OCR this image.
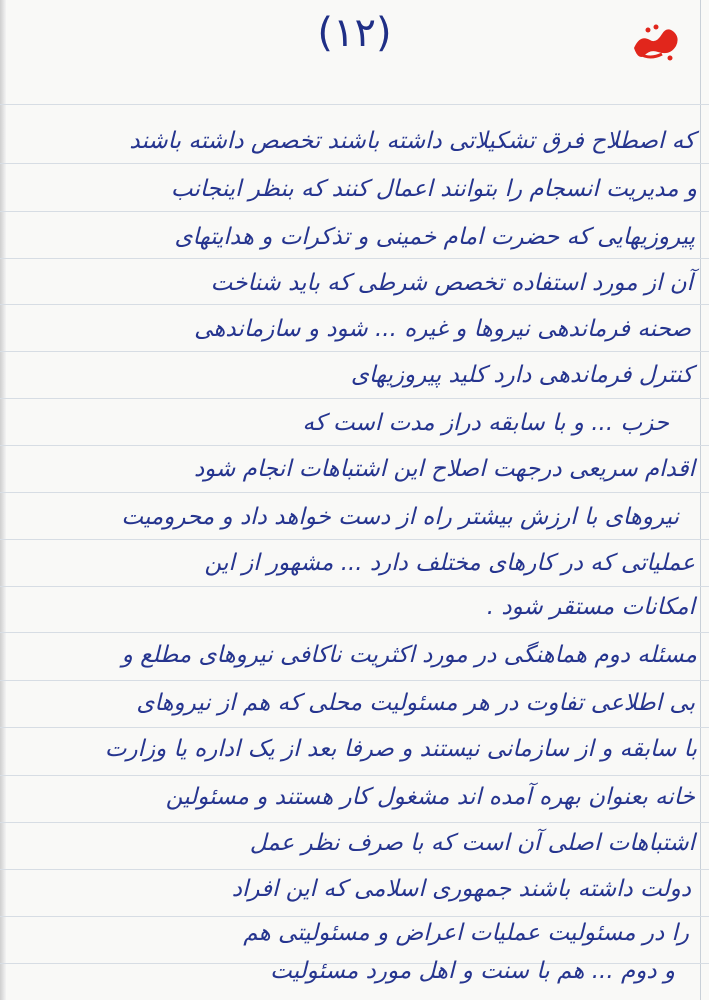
(۱۲)
که اصطلاح فرق تشکیلاتی داشته باشند تخصص داشته باشند
و مدیریت انسجام را بتوانند اعمال کنند که بنظر اینجانب
پیروزیهایی که حضرت امام خمینی و تذکرات و هدایتهای
آن از مورد استفاده تخصص شرطی که باید شناخت
صحنه فرماندهی نیروها و غیره ... شود و سازماندهی
کنترل فرماندهی دارد کلید پیروزیهای
حزب ... و با سابقه دراز مدت است که
اقدام سریعی درجهت اصلاح این اشتباهات انجام شود
نیروهای با ارزش بیشتر راه از دست خواهد داد و محرومیت
عملیاتی که در کارهای مختلف دارد ... مشهور از این
امکانات مستقر شود .
مسئله دوم هماهنگی در مورد اکثریت ناکافی نیروهای مطلع و
بی اطلاعی تفاوت در هر مسئولیت محلی که هم از نیروهای
با سابقه و از سازمانی نیستند و صرفا بعد از یک اداره یا وزارت
خانه بعنوان بهره آمده اند مشغول کار هستند و مسئولین
اشتباهات اصلی آن است که با صرف نظر عمل
دولت داشته باشند جمهوری اسلامی که این افراد
را در مسئولیت عملیات اعراض و مسئولیتی هم
و دوم ... هم با سنت و اهل مورد مسئولیت
